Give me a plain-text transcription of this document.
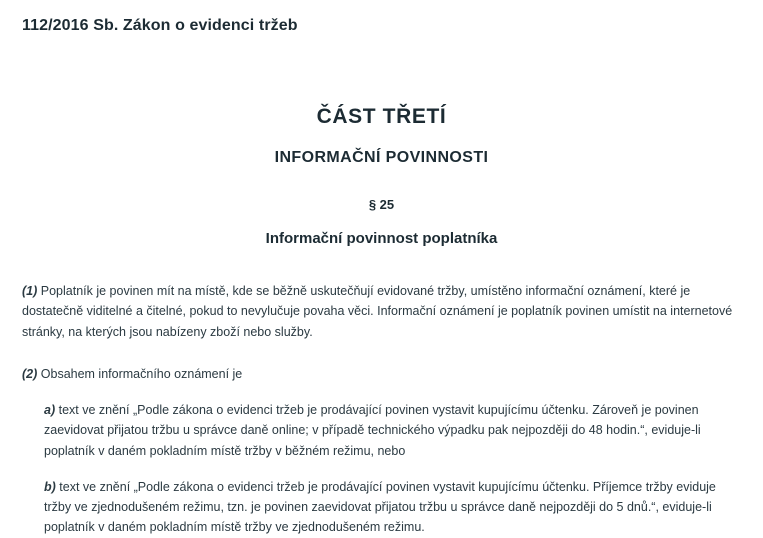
112/2016 Sb. Zákon o evidenci tržeb
ČÁST TŘETÍ
INFORMAČNÍ POVINNOSTI
§ 25
Informační povinnost poplatníka

(1) Poplatník je povinen mít na místě, kde se běžně uskutečňují evidované tržby, umístěno informační oznámení, které je dostatečně viditelné a čitelné, pokud to nevylučuje povaha věci. Informační oznámení je poplatník povinen umístit na internetové stránky, na kterých jsou nabízeny zboží nebo služby.

(2) Obsahem informačního oznámení je

a) text ve znění „Podle zákona o evidenci tržeb je prodávající povinen vystavit kupujícímu účtenku. Zároveň je povinen zaevidovat přijatou tržbu u správce daně online; v případě technického výpadku pak nejpozději do 48 hodin.“, eviduje-li poplatník v daném pokladním místě tržby v běžném režimu, nebo

b) text ve znění „Podle zákona o evidenci tržeb je prodávající povinen vystavit kupujícímu účtenku. Příjemce tržby eviduje tržby ve zjednodušeném režimu, tzn. je povinen zaevidovat přijatou tržbu u správce daně nejpozději do 5 dnů.“, eviduje-li poplatník v daném pokladním místě tržby ve zjednodušeném režimu.
